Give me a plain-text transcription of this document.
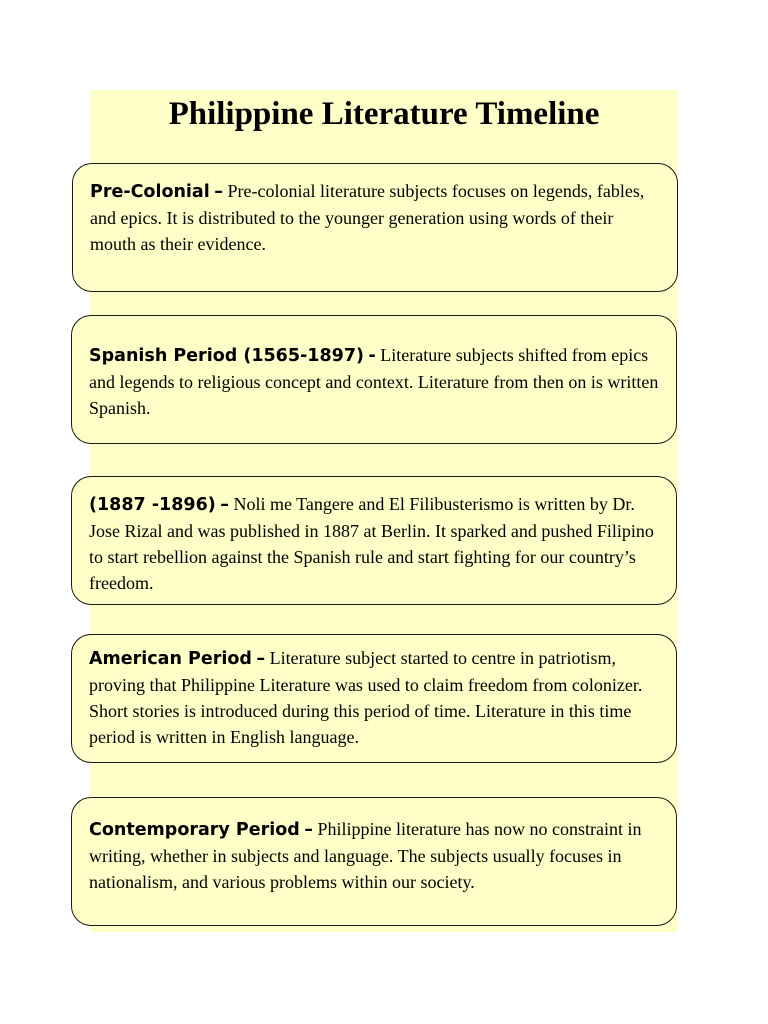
Philippine Literature Timeline
Pre-Colonial – Pre-colonial literature subjects focuses on legends, fables, and epics. It is distributed to the younger generation using words of their mouth as their evidence.
Spanish Period (1565-1897) - Literature subjects shifted from epics and legends to religious concept and context. Literature from then on is written Spanish.
(1887 -1896) – Noli me Tangere and El Filibusterismo is written by Dr. Jose Rizal and was published in 1887 at Berlin. It sparked and pushed Filipino to start rebellion against the Spanish rule and start fighting for our country’s freedom.
American Period – Literature subject started to centre in patriotism, proving that Philippine Literature was used to claim freedom from colonizer. Short stories is introduced during this period of time. Literature in this time period is written in English language.
Contemporary Period – Philippine literature has now no constraint in writing, whether in subjects and language. The subjects usually focuses in nationalism, and various problems within our society.
